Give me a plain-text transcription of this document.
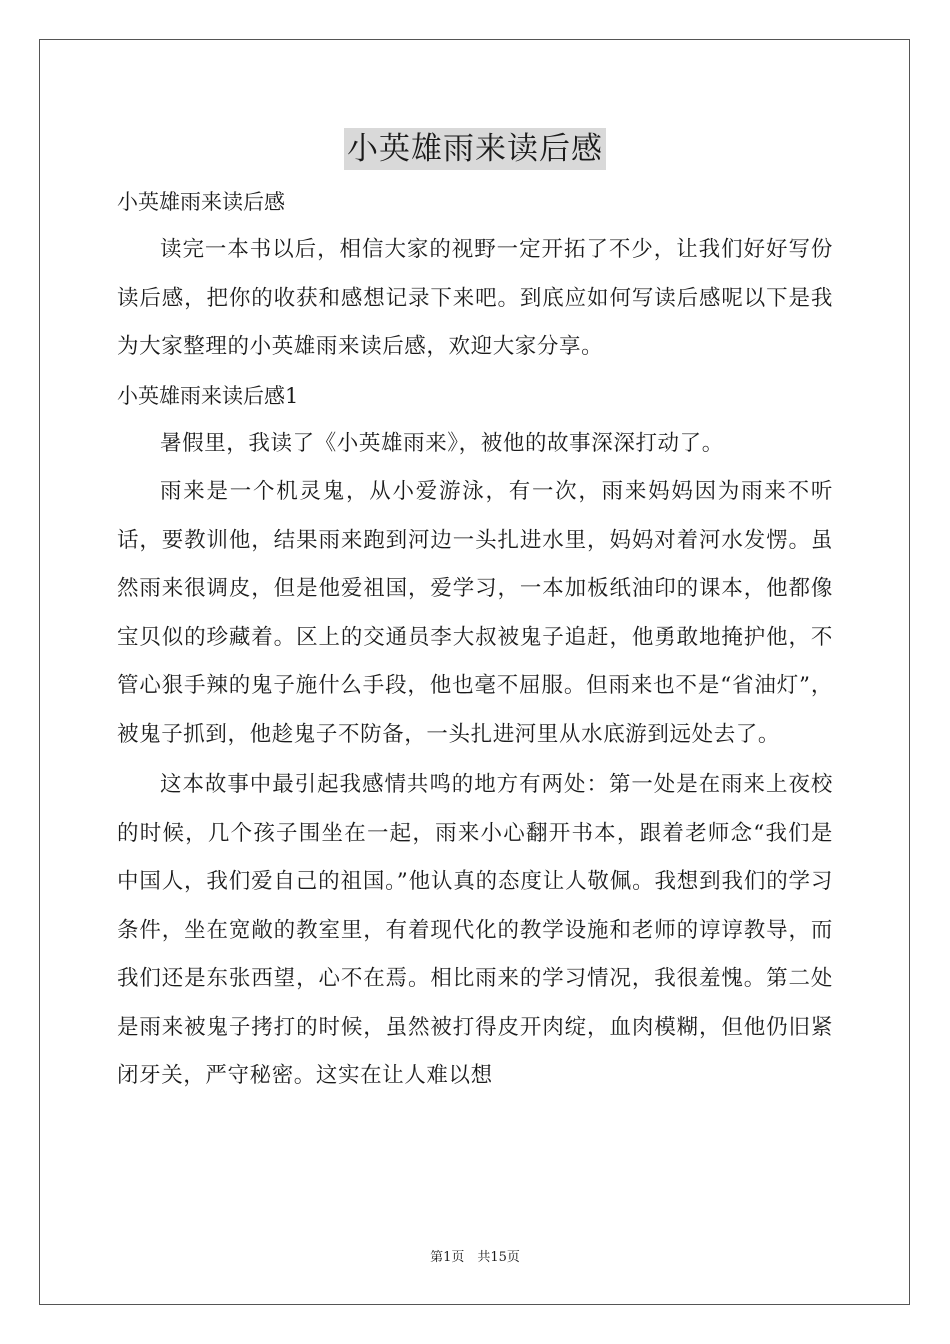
小英雄雨来读后感

小英雄雨来读后感

读完一本书以后，相信大家的视野一定开拓了不少，让我们好好写份读后感，把你的收获和感想记录下来吧。到底应如何写读后感呢以下是我为大家整理的小英雄雨来读后感，欢迎大家分享。

小英雄雨来读后感1

暑假里，我读了《小英雄雨来》，被他的故事深深打动了。

雨来是一个机灵鬼，从小爱游泳，有一次，雨来妈妈因为雨来不听话，要教训他，结果雨来跑到河边一头扎进水里，妈妈对着河水发愣。虽然雨来很调皮，但是他爱祖国，爱学习，一本加板纸油印的课本，他都像宝贝似的珍藏着。区上的交通员李大叔被鬼子追赶，他勇敢地掩护他，不管心狠手辣的鬼子施什么手段，他也毫不屈服。但雨来也不是“省油灯”，被鬼子抓到，他趁鬼子不防备，一头扎进河里从水底游到远处去了。

这本故事中最引起我感情共鸣的地方有两处：第一处是在雨来上夜校的时候，几个孩子围坐在一起，雨来小心翻开书本，跟着老师念“我们是中国人，我们爱自己的祖国。”他认真的态度让人敬佩。我想到我们的学习条件，坐在宽敞的教室里，有着现代化的教学设施和老师的谆谆教导，而我们还是东张西望，心不在焉。相比雨来的学习情况，我很羞愧。第二处是雨来被鬼子拷打的时候，虽然被打得皮开肉绽，血肉模糊，但他仍旧紧闭牙关，严守秘密。这实在让人难以想

第1页　共15页
